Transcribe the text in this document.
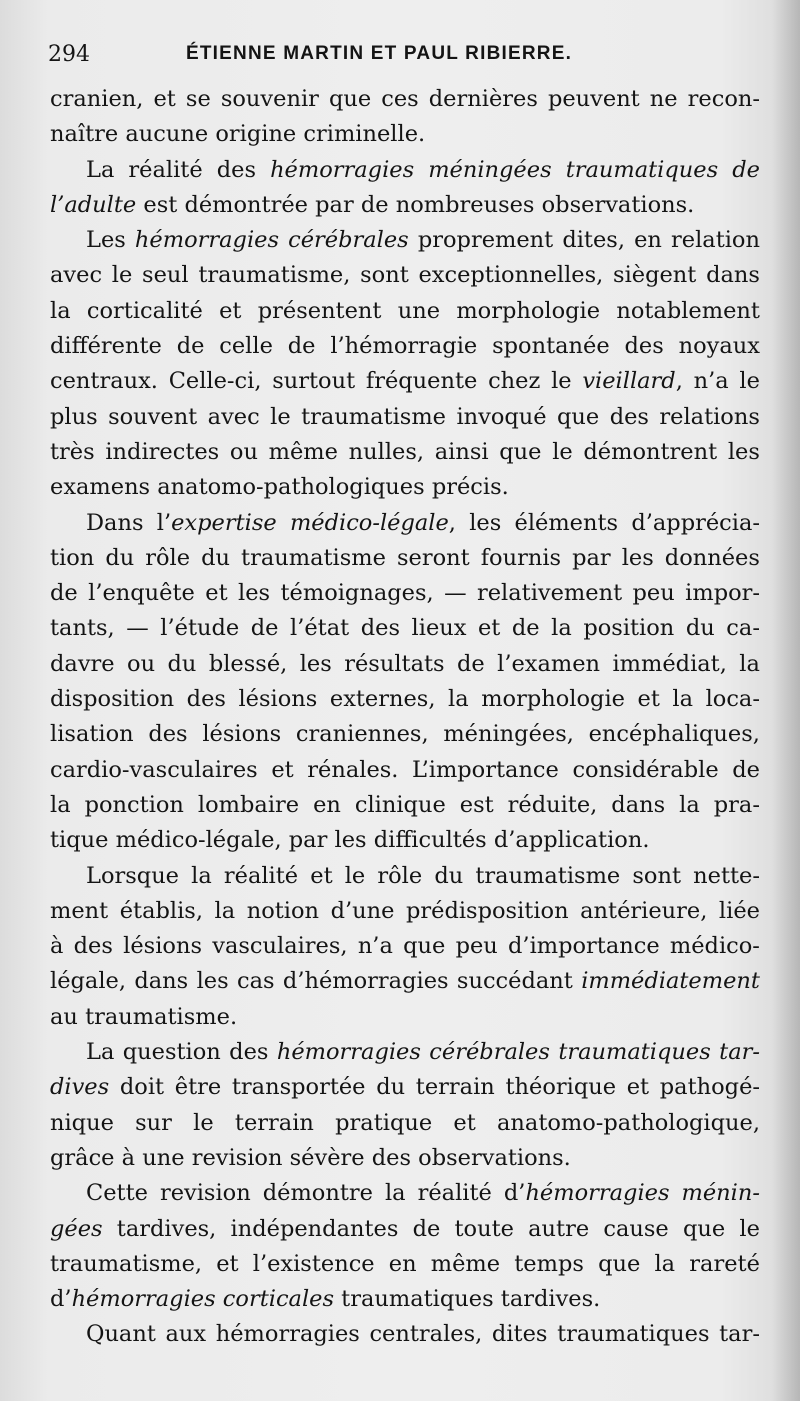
294	ÉTIENNE MARTIN ET PAUL RIBIERRE.
cranien, et se souvenir que ces dernières peuvent ne recon-
naître
aucune
origine
criminelle.
La réalité des hémorragies méningées traumatiques de
l’adulte
est
démontrée
par
de
nombreuses
observations.
Les hémorragies cérébrales proprement dites, en relation
avec le seul traumatisme, sont exceptionnelles, siègent dans
la corticalité et présentent une morphologie notablement
différente de celle de l’hémorragie spontanée des noyaux
centraux. Celle-ci, surtout fréquente chez le vieillard, n’a le
plus souvent avec le traumatisme invoqué que des relations
très indirectes ou même nulles, ainsi que le démontrent les
examens
anatomo-pathologiques
précis.
Dans l’expertise médico-légale, les éléments d’apprécia-
tion du rôle du traumatisme seront fournis par les données
de l’enquête et les témoignages, — relativement peu impor-
tants, — l’étude de l’état des lieux et de la position du ca-
davre ou du blessé, les résultats de l’examen immédiat, la
disposition des lésions externes, la morphologie et la loca-
lisation des lésions craniennes, méningées, encéphaliques,
cardio-vasculaires et rénales. L’importance considérable de
la ponction lombaire en clinique est réduite, dans la pra-
tique
médico-légale,
par
les
difficultés
d’application.
Lorsque la réalité et le rôle du traumatisme sont nette-
ment établis, la notion d’une prédisposition antérieure, liée
à des lésions vasculaires, n’a que peu d’importance médico-
légale, dans les cas d’hémorragies succédant immédiatement
au
traumatisme.
La question des hémorragies cérébrales traumatiques tar-
dives doit être transportée du terrain théorique et pathogé-
nique sur le terrain pratique et anatomo-pathologique,
grâce
à
une
revision
sévère
des
observations.
Cette revision démontre la réalité d’hémorragies ménin-
gées tardives, indépendantes de toute autre cause que le
traumatisme, et l’existence en même temps que la rareté
d’hémorragies
corticales
traumatiques
tardives.
Quant aux hémorragies centrales, dites traumatiques tar-
